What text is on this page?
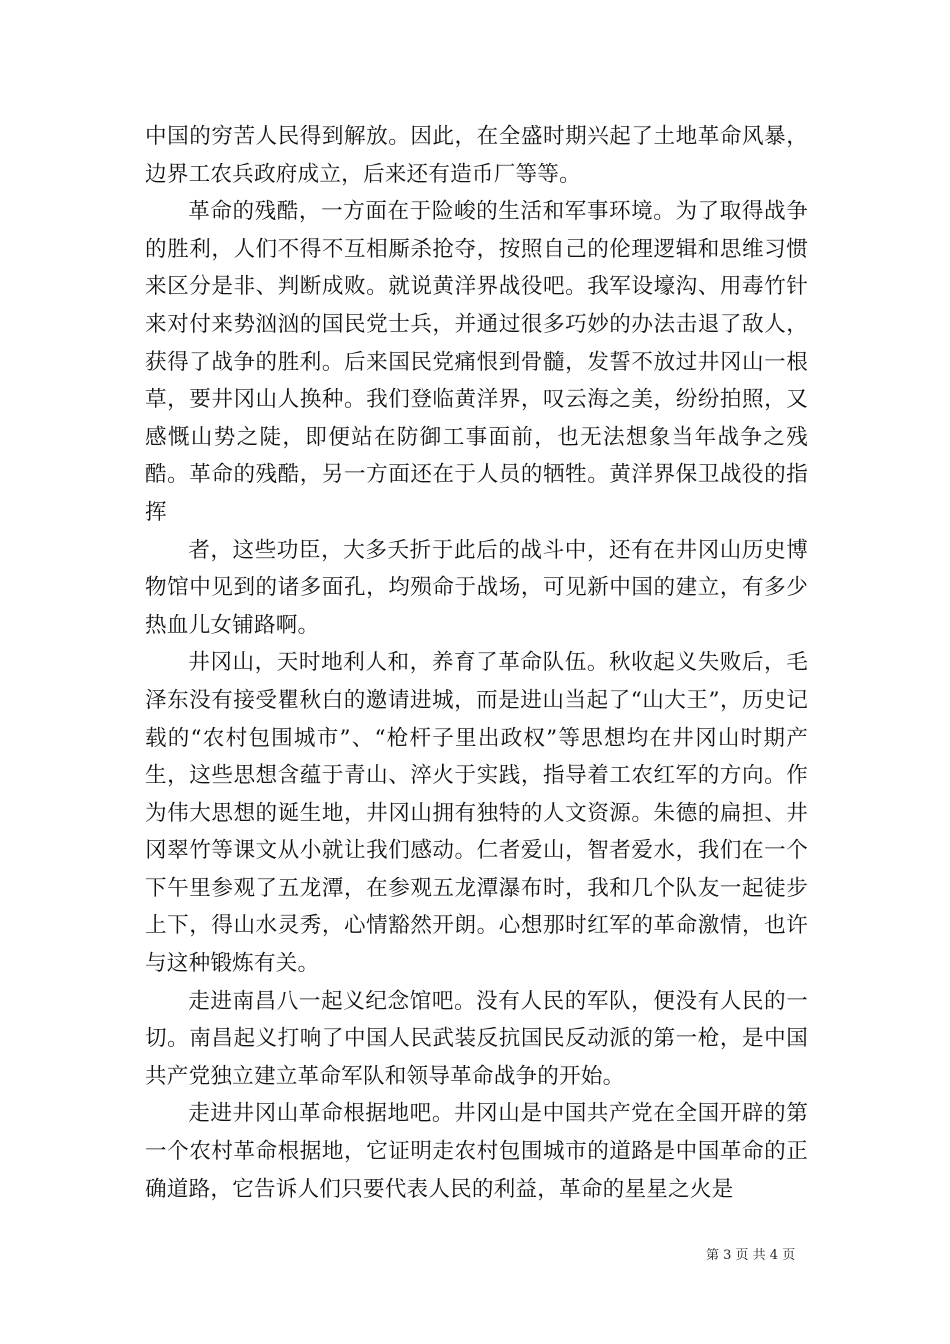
中国的穷苦人民得到解放。因此，在全盛时期兴起了土地革命风暴，边界工农兵政府成立，后来还有造币厂等等。

革命的残酷，一方面在于险峻的生活和军事环境。为了取得战争的胜利，人们不得不互相厮杀抢夺，按照自己的伦理逻辑和思维习惯来区分是非、判断成败。就说黄洋界战役吧。我军设壕沟、用毒竹针来对付来势汹汹的国民党士兵，并通过很多巧妙的办法击退了敌人，获得了战争的胜利。后来国民党痛恨到骨髓，发誓不放过井冈山一根草，要井冈山人换种。我们登临黄洋界，叹云海之美，纷纷拍照，又感慨山势之陡，即便站在防御工事面前，也无法想象当年战争之残酷。革命的残酷，另一方面还在于人员的牺牲。黄洋界保卫战役的指挥

者，这些功臣，大多夭折于此后的战斗中，还有在井冈山历史博物馆中见到的诸多面孔，均殒命于战场，可见新中国的建立，有多少热血儿女铺路啊。

井冈山，天时地利人和，养育了革命队伍。秋收起义失败后，毛泽东没有接受瞿秋白的邀请进城，而是进山当起了“山大王”，历史记载的“农村包围城市”、“枪杆子里出政权”等思想均在井冈山时期产生，这些思想含蕴于青山、淬火于实践，指导着工农红军的方向。作为伟大思想的诞生地，井冈山拥有独特的人文资源。朱德的扁担、井冈翠竹等课文从小就让我们感动。仁者爱山，智者爱水，我们在一个下午里参观了五龙潭，在参观五龙潭瀑布时，我和几个队友一起徒步上下，得山水灵秀，心情豁然开朗。心想那时红军的革命激情，也许与这种锻炼有关。

走进南昌八一起义纪念馆吧。没有人民的军队，便没有人民的一切。南昌起义打响了中国人民武装反抗国民反动派的第一枪，是中国共产党独立建立革命军队和领导革命战争的开始。

走进井冈山革命根据地吧。井冈山是中国共产党在全国开辟的第一个农村革命根据地，它证明走农村包围城市的道路是中国革命的正确道路，它告诉人们只要代表人民的利益，革命的星星之火是

第 3 页 共 4 页
